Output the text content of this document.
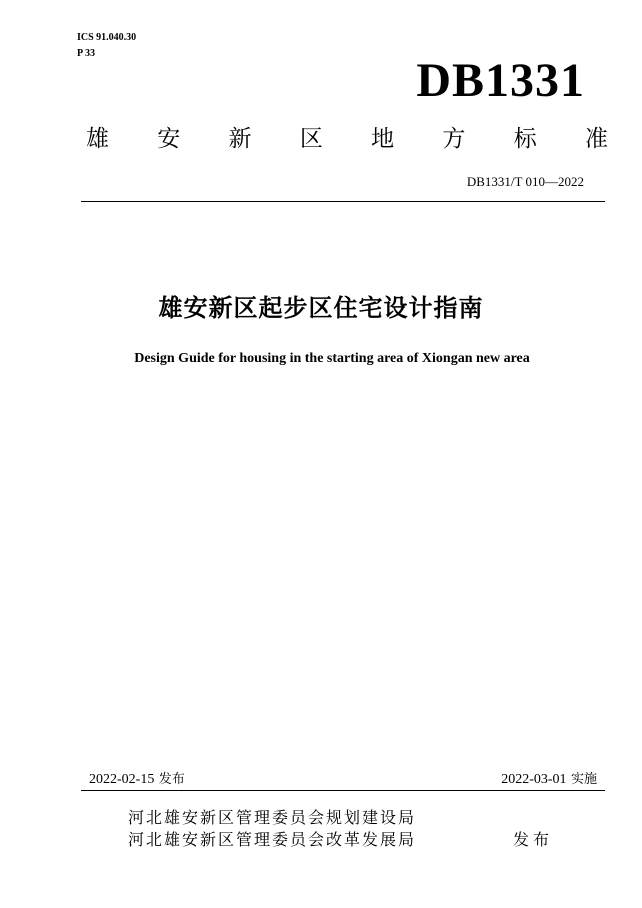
ICS 91.040.30
P 33
DB1331
雄 安 新 区 地 方 标 准
DB1331/T 010—2022
雄安新区起步区住宅设计指南
Design Guide for housing in the starting area of Xiongan new area
2022-02-15 发布	2022-03-01 实施
河北雄安新区管理委员会规划建设局
河北雄安新区管理委员会改革发展局	发布
